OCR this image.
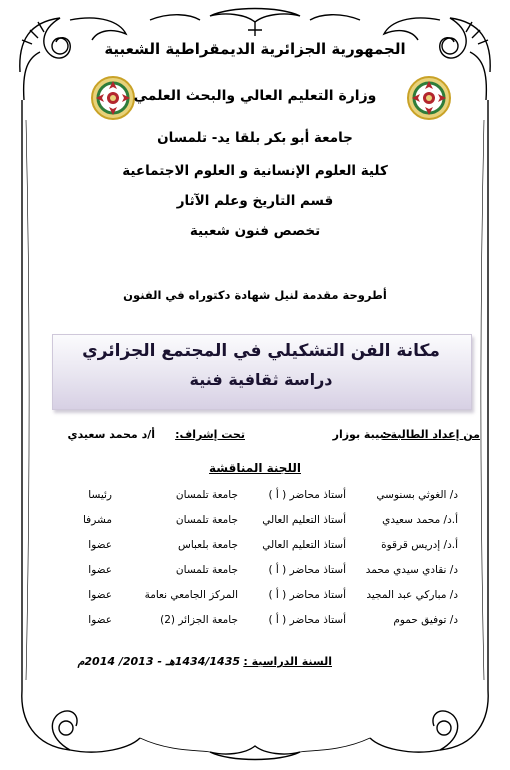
الجمهورية الجزائرية الديمقراطية الشعبية
وزارة التعليم العالي والبحث العلمي
جامعة أبو بكر بلقا يد- تلمسان
كلية العلوم الإنسانية و العلوم الاجتماعية
قسم التاريخ وعلم الآثار
تخصص فنون شعبية
أطروحة مقدمة لنيل شهادة دكتوراه في الفنون
مكانة الفن التشكيلي في المجتمع الجزائري
دراسة ثقافية فنية
من إعداد الطالبة :
حبيبة بوزار
تحت إشراف:
أ/د محمد سعيدي
اللجنة المناقشة
د/ الغوثي بسنوسي
أستاذ محاضر ( أ )
جامعة تلمسان
رئيسا
أ.د/ محمد سعيدي
أستاذ التعليم العالي
جامعة تلمسان
مشرفا
أ.د/ إدريس قرقوة
أستاذ التعليم العالي
جامعة بلعباس
عضوا
د/ نقادي سيدي محمد
أستاذ محاضر ( أ )
جامعة تلمسان
عضوا
د/ مباركي عبد المجيد
أستاذ محاضر ( أ )
المركز الجامعي نعامة
عضوا
د/ توفيق حموم
أستاذ محاضر ( أ )
جامعة الجزائر (2)
عضوا
السنة الدراسية :
1434/1435هـ - 2013/ 2014م
